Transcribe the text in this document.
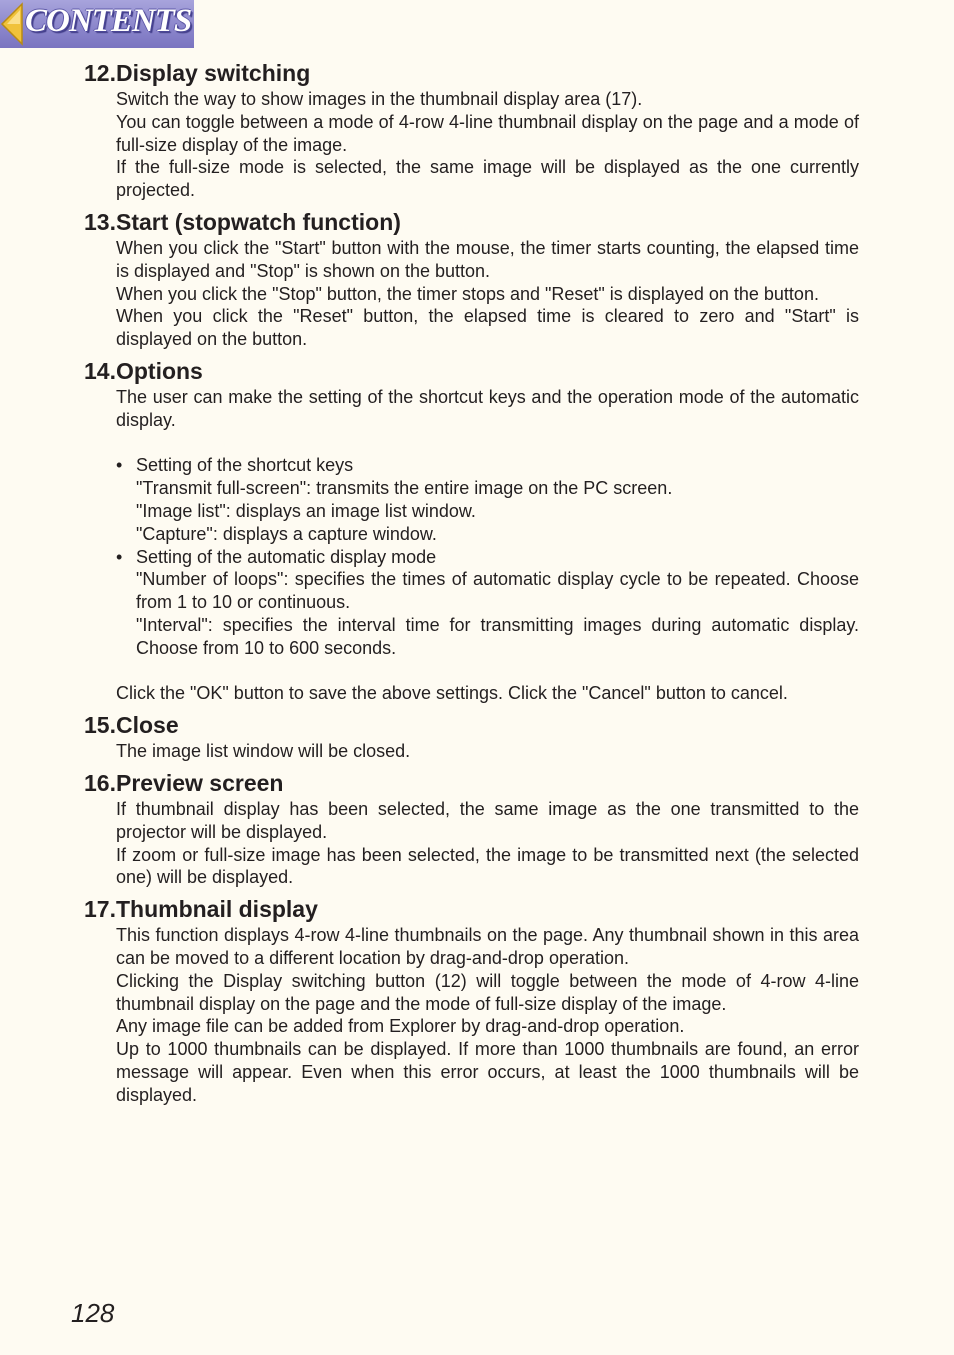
CONTENTS
12.Display switching

Switch the way to show images in the thumbnail display area (17).

You can toggle between a mode of 4-row 4-line thumbnail display on the page and a mode of full-size display of the image.

If the full-size mode is selected, the same image will be displayed as the one currently projected.

13.Start (stopwatch function)

When you click the "Start" button with the mouse, the timer starts counting, the elapsed time is displayed and "Stop" is shown on the button.

When you click the "Stop" button, the timer stops and "Reset" is displayed on the button.

When you click the "Reset" button, the elapsed time is cleared to zero and "Start" is displayed on the button.

14.Options

The user can make the setting of the shortcut keys and the operation mode of the automatic display.

• Setting of the shortcut keys

"Transmit full-screen": transmits the entire image on the PC screen.

"Image list": displays an image list window.

"Capture": displays a capture window.

• Setting of the automatic display mode

"Number of loops": specifies the times of automatic display cycle to be repeated. Choose from 1 to 10 or continuous.

"Interval": specifies the interval time for transmitting images during automatic display. Choose from 10 to 600 seconds.

Click the "OK" button to save the above settings. Click the "Cancel" button to cancel.

15.Close

The image list window will be closed.

16.Preview screen

If thumbnail display has been selected, the same image as the one transmitted to the projector will be displayed.

If zoom or full-size image has been selected, the image to be transmitted next (the selected one) will be displayed.

17.Thumbnail display

This function displays 4-row 4-line thumbnails on the page. Any thumbnail shown in this area can be moved to a different location by drag-and-drop operation.

Clicking the Display switching button (12) will toggle between the mode of 4-row 4-line thumbnail display on the page and the mode of full-size display of the image.

Any image file can be added from Explorer by drag-and-drop operation.

Up to 1000 thumbnails can be displayed. If more than 1000 thumbnails are found, an error message will appear. Even when this error occurs, at least the 1000 thumbnails will be displayed.

128
